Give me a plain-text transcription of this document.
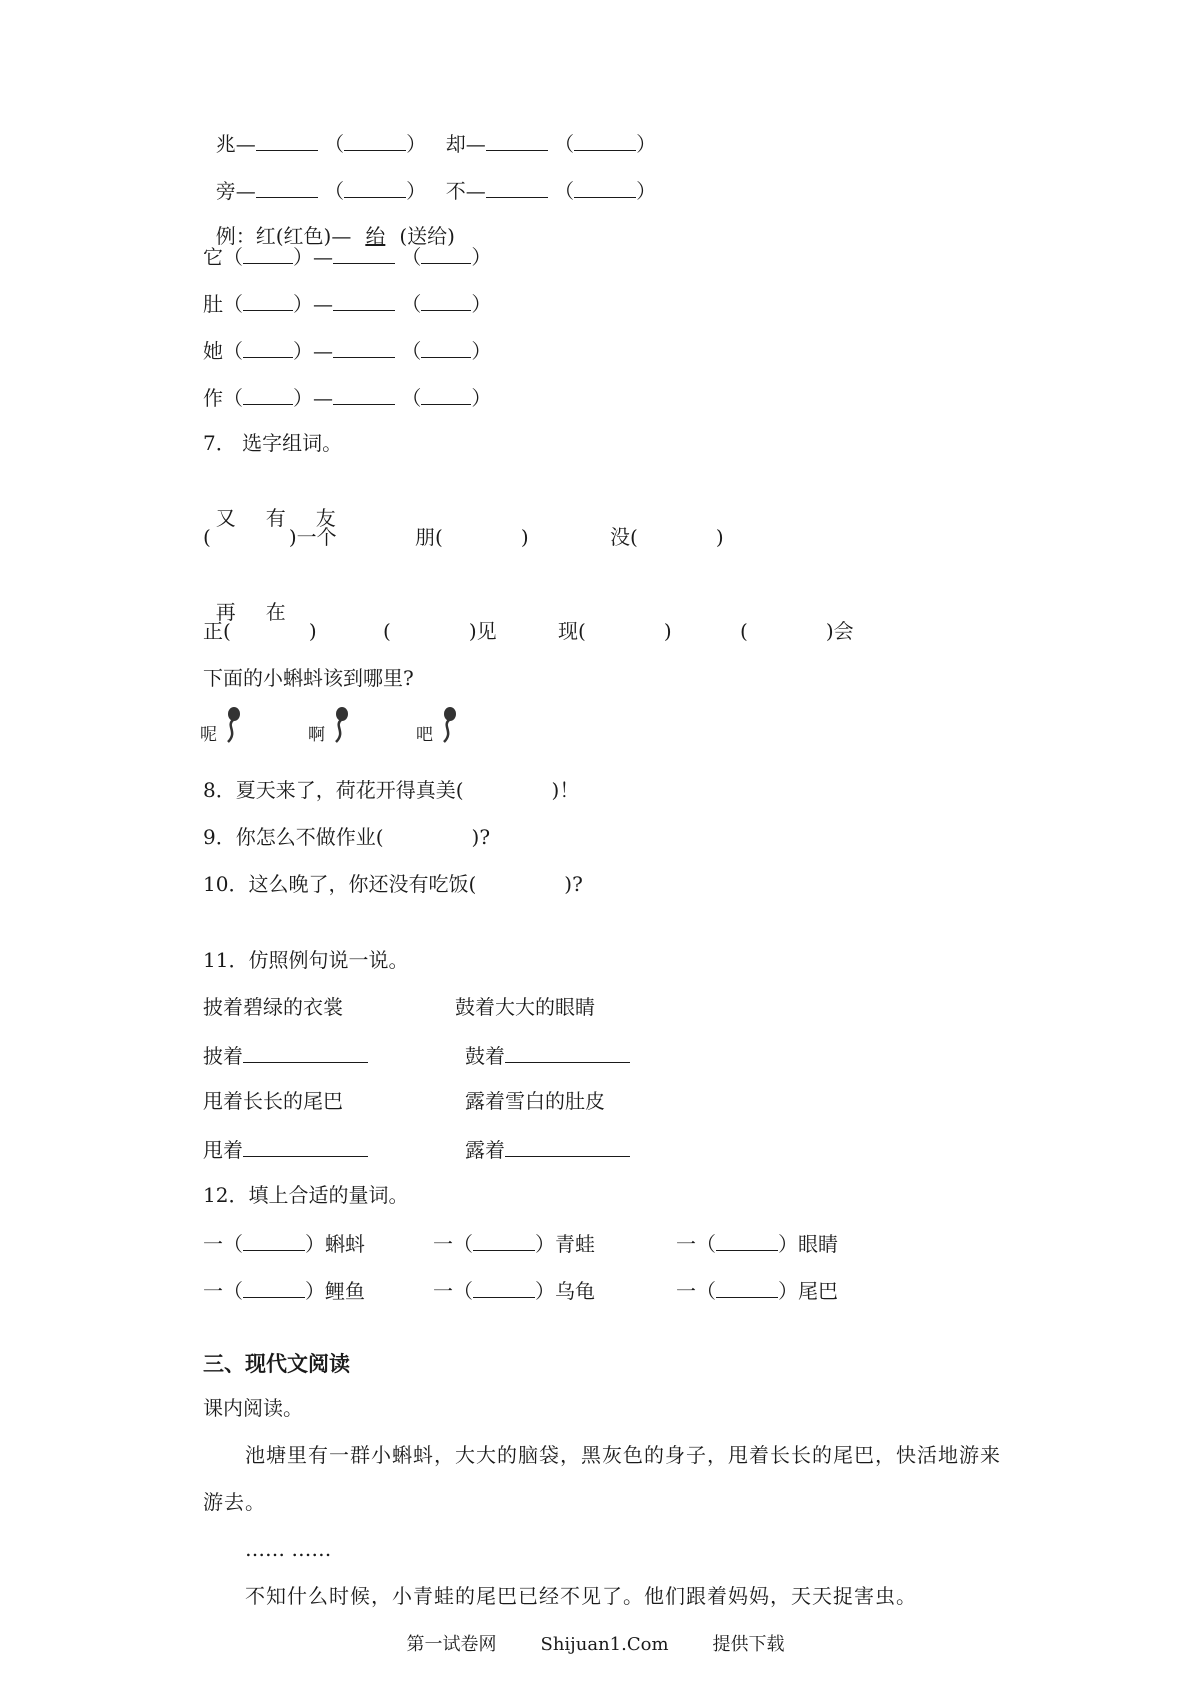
兆—	（	） 却—	（	）

旁—	（	） 不—	（	）

例：红(红色)— 绐 (送给)

它（	）—	（	）
肚（	）—	（	）
她（	）—	（	）
作（	）—	（	）
7． 选字组词。

又 有 友

(	)一个	朋(	)	没(	)

再 在

正(	)	(	)见	现(	)	(	)会
下面的小蝌蚪该到哪里?
呢	啊	吧
8．夏天来了，荷花开得真美(	)！
9．你怎么不做作业(	)?
10．这么晚了，你还没有吃饭(	)?
11．仿照例句说一说。
披着碧绿的衣裳	鼓着大大的眼睛
披着	鼓着
甩着长长的尾巴	露着雪白的肚皮
甩着	露着
12．填上合适的量词。
一（	）蝌蚪	一（	）青蛙	一（	）眼睛
一（	）鲤鱼	一（	）乌龟	一（	）尾巴
三、现代文阅读
课内阅读。
池塘里有一群小蝌蚪，大大的脑袋，黑灰色的身子，甩着长长的尾巴，快活地游来
游去。
…… ……
不知什么时候，小青蛙的尾巴已经不见了。他们跟着妈妈，天天捉害虫。
第一试卷网 Shijuan1.Com 提供下载
